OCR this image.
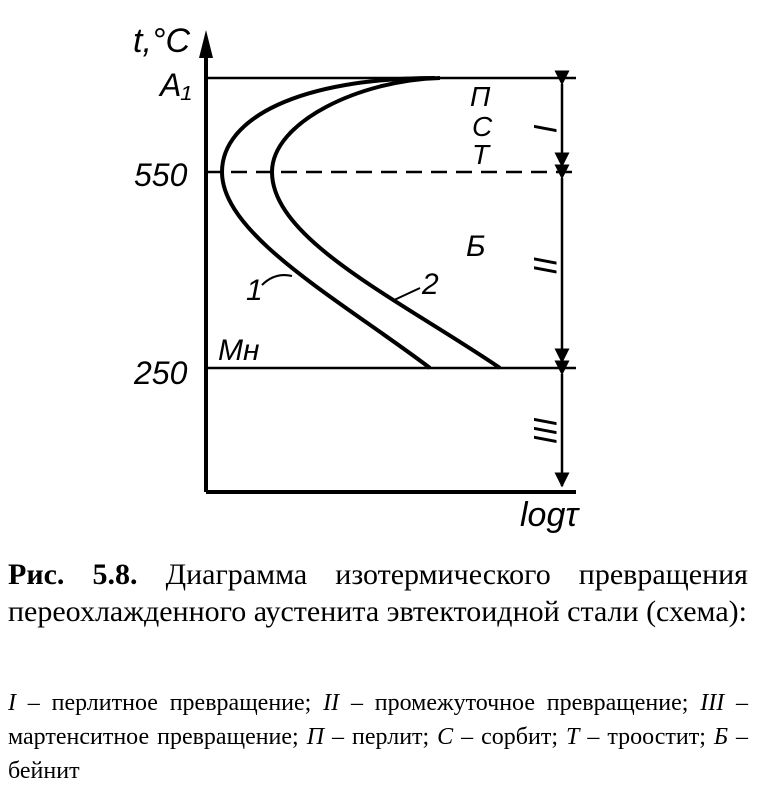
t,°C
logτ
A₁
550
Mн
250
1	2
П
С
Т
Б
I
II
III
Рис. 5.8. Диаграмма изотермического превращения переохлажденного аустенита эвтектоидной стали (схема):
I – перлитное превращение; II – промежуточное превращение; III – мартенситное превращение; П – перлит; С – сорбит; Т – троостит; Б – бейнит
